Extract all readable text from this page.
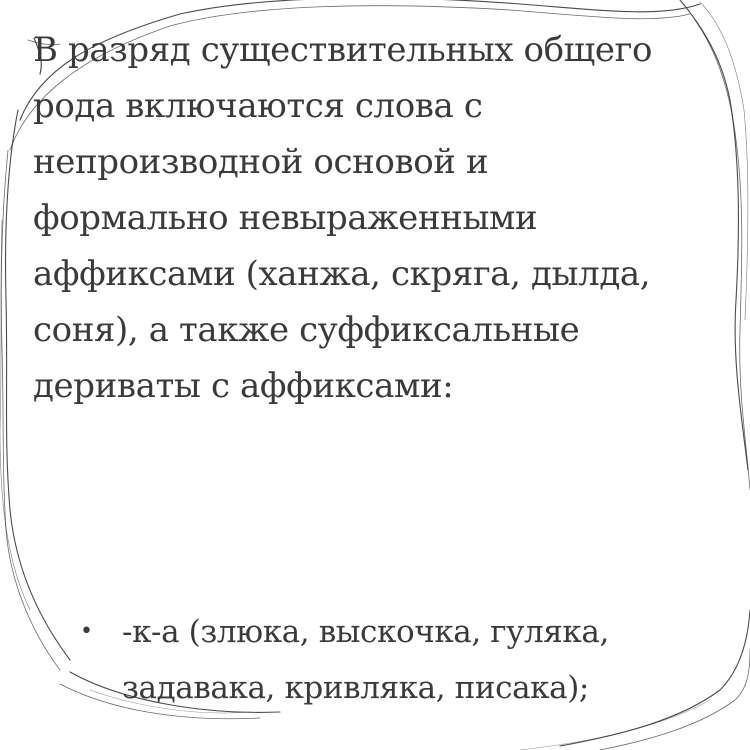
В разряд существительных общего
рода включаются слова с
непроизводной основой и
формально невыраженными
аффиксами (ханжа, скряга, дылда,
соня), а также суффиксальные
дериваты с аффиксами:

• -к-а (злюка, выскочка, гуляка,
задавака, кривляка, писака);
